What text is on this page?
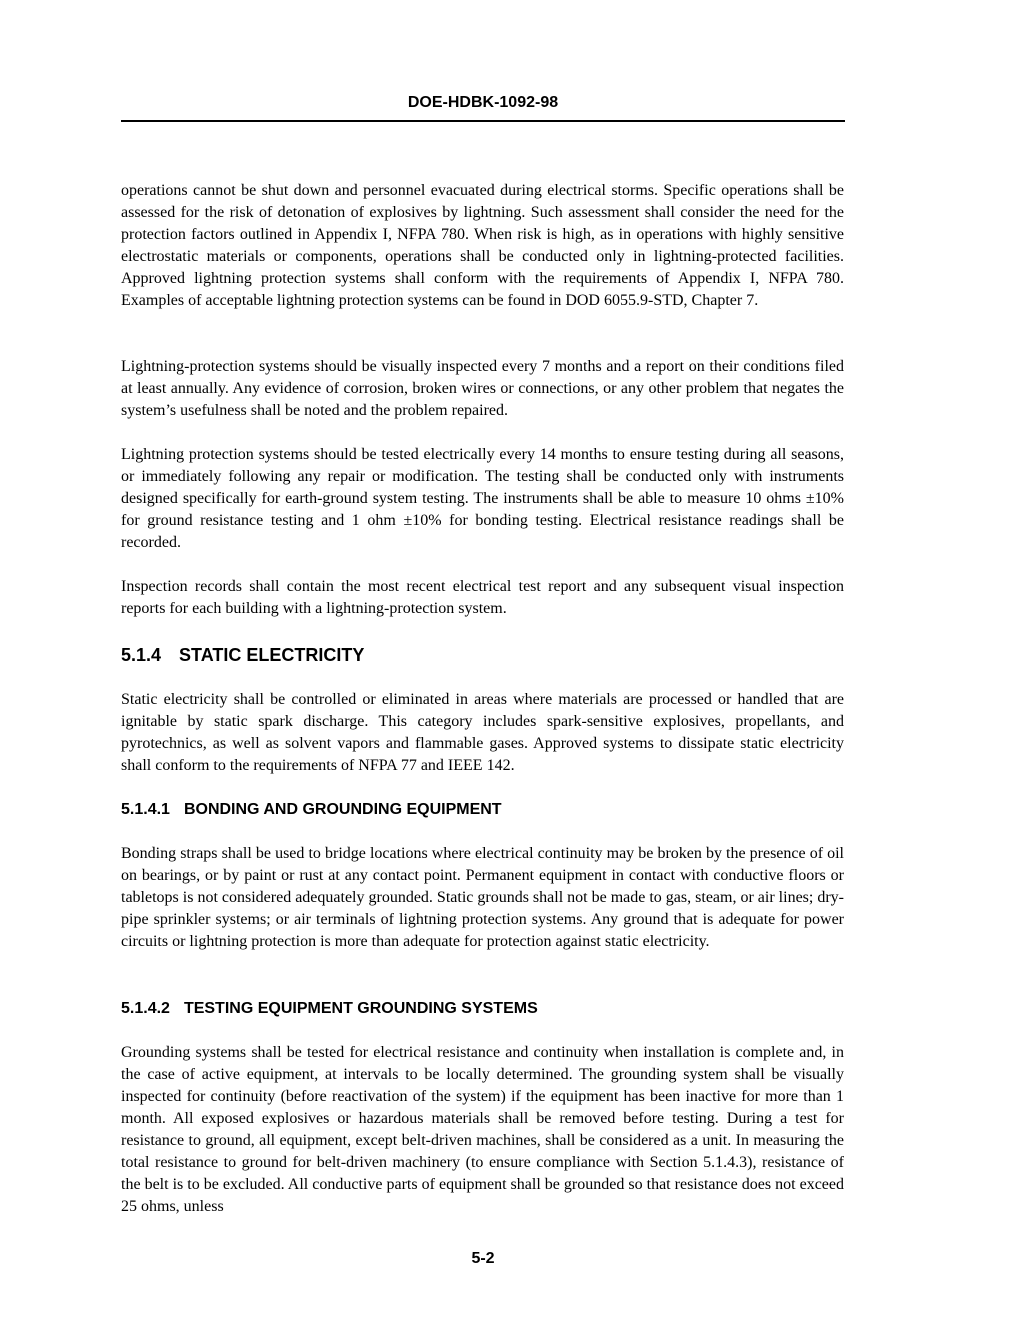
DOE-HDBK-1092-98

operations cannot be shut down and personnel evacuated during electrical storms. Specific operations shall be assessed for the risk of detonation of explosives by lightning. Such assessment shall consider the need for the protection factors outlined in Appendix I, NFPA 780. When risk is high, as in operations with highly sensitive electrostatic materials or components, operations shall be conducted only in lightning-protected facilities. Approved lightning protection systems shall conform with the requirements of Appendix I, NFPA 780. Examples of acceptable lightning protection systems can be found in DOD 6055.9-STD, Chapter 7.

Lightning-protection systems should be visually inspected every 7 months and a report on their conditions filed at least annually. Any evidence of corrosion, broken wires or connections, or any other problem that negates the system’s usefulness shall be noted and the problem repaired.

Lightning protection systems should be tested electrically every 14 months to ensure testing during all seasons, or immediately following any repair or modification. The testing shall be conducted only with instruments designed specifically for earth-ground system testing. The instruments shall be able to measure 10 ohms ±10% for ground resistance testing and 1 ohm ±10% for bonding testing. Electrical resistance readings shall be recorded.

Inspection records shall contain the most recent electrical test report and any subsequent visual inspection reports for each building with a lightning-protection system.

5.1.4 STATIC ELECTRICITY

Static electricity shall be controlled or eliminated in areas where materials are processed or handled that are ignitable by static spark discharge. This category includes spark-sensitive explosives, propellants, and pyrotechnics, as well as solvent vapors and flammable gases. Approved systems to dissipate static electricity shall conform to the requirements of NFPA 77 and IEEE 142.

5.1.4.1 BONDING AND GROUNDING EQUIPMENT

Bonding straps shall be used to bridge locations where electrical continuity may be broken by the presence of oil on bearings, or by paint or rust at any contact point. Permanent equipment in contact with conductive floors or tabletops is not considered adequately grounded. Static grounds shall not be made to gas, steam, or air lines; dry-pipe sprinkler systems; or air terminals of lightning protection systems. Any ground that is adequate for power circuits or lightning protection is more than adequate for protection against static electricity.

5.1.4.2 TESTING EQUIPMENT GROUNDING SYSTEMS

Grounding systems shall be tested for electrical resistance and continuity when installation is complete and, in the case of active equipment, at intervals to be locally determined. The grounding system shall be visually inspected for continuity (before reactivation of the system) if the equipment has been inactive for more than 1 month. All exposed explosives or hazardous materials shall be removed before testing. During a test for resistance to ground, all equipment, except belt-driven machines, shall be considered as a unit. In measuring the total resistance to ground for belt-driven machinery (to ensure compliance with Section 5.1.4.3), resistance of the belt is to be excluded. All conductive parts of equipment shall be grounded so that resistance does not exceed 25 ohms, unless

5-2
